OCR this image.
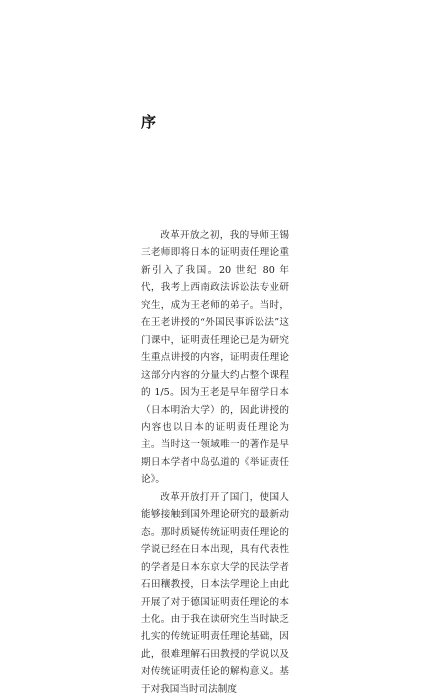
序

改革开放之初，我的导师王锡三老师即将日本的证明责任理论重新引入了我国。20 世纪 80 年代，我考上西南政法诉讼法专业研究生，成为王老师的弟子。当时，在王老讲授的“外国民事诉讼法”这门课中，证明责任理论已是为研究生重点讲授的内容，证明责任理论这部分内容的分量大约占整个课程的 1/5。因为王老是早年留学日本（日本明治大学）的，因此讲授的内容也以日本的证明责任理论为主。当时这一领域唯一的著作是早期日本学者中岛弘道的《举证责任论》。

改革开放打开了国门，使国人能够接触到国外理论研究的最新动态。那时质疑传统证明责任理论的学说已经在日本出现，具有代表性的学者是日本东京大学的民法学者石田穰教授，日本法学理论上由此开展了对于德国证明责任理论的本土化。由于我在读研究生当时缺乏扎实的传统证明责任理论基础，因此，很难理解石田教授的学说以及对传统证明责任论的解构意义。基于对我国当时司法制度
